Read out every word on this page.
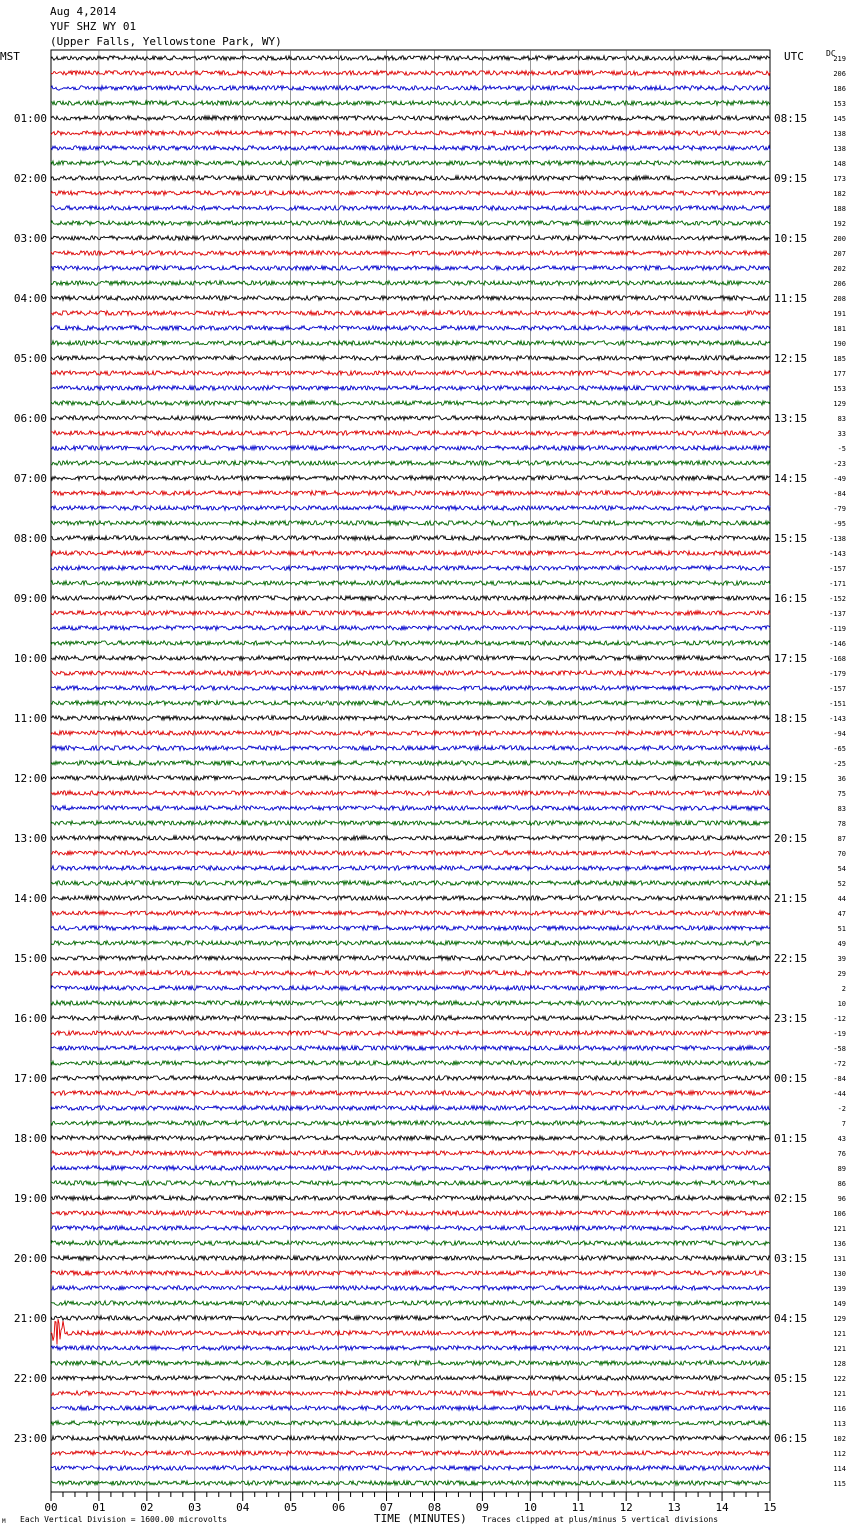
Aug 4,2014
YUF SHZ WY 01
(Upper Falls, Yellowstone Park, WY)
MST	UTC	DC
01:00
02:00
03:00
04:00
05:00
06:00
07:00
08:00
09:00
10:00
11:00
12:00
13:00
14:00
15:00
16:00
17:00
18:00
19:00
20:00
21:00
22:00
23:00
08:15
09:15
10:15
11:15
12:15
13:15
14:15
15:15
16:15
17:15
18:15
19:15
20:15
21:15
22:15
23:15
00:15
01:15
02:15
03:15
04:15
05:15
06:15
219
206
186
153
145
138
138
148
173
182
188
192
200
207
202
206
208
191
181
190
185
177
153
129
83
33
-5
-23
-49
-84
-79
-95
-138
-143
-157
-171
-152
-137
-119
-146
-168
-179
-157
-151
-143
-94
-65
-25
36
75
83
78
87
70
54
52
44
47
51
49
39
29
2
10
-12
-19
-58
-72
-84
-44
-2
7
43
76
89
86
96
106
121
136
131
130
139
149
129
121
121
128
122
121
116
113
102
112
114
115
00	01	02	03	04	05	06	07	08	09	10	11	12	13	14	15
TIME (MINUTES)
Each Vertical Division = 1600.00 microvolts	Traces clipped at plus/minus 5 vertical divisions
M
